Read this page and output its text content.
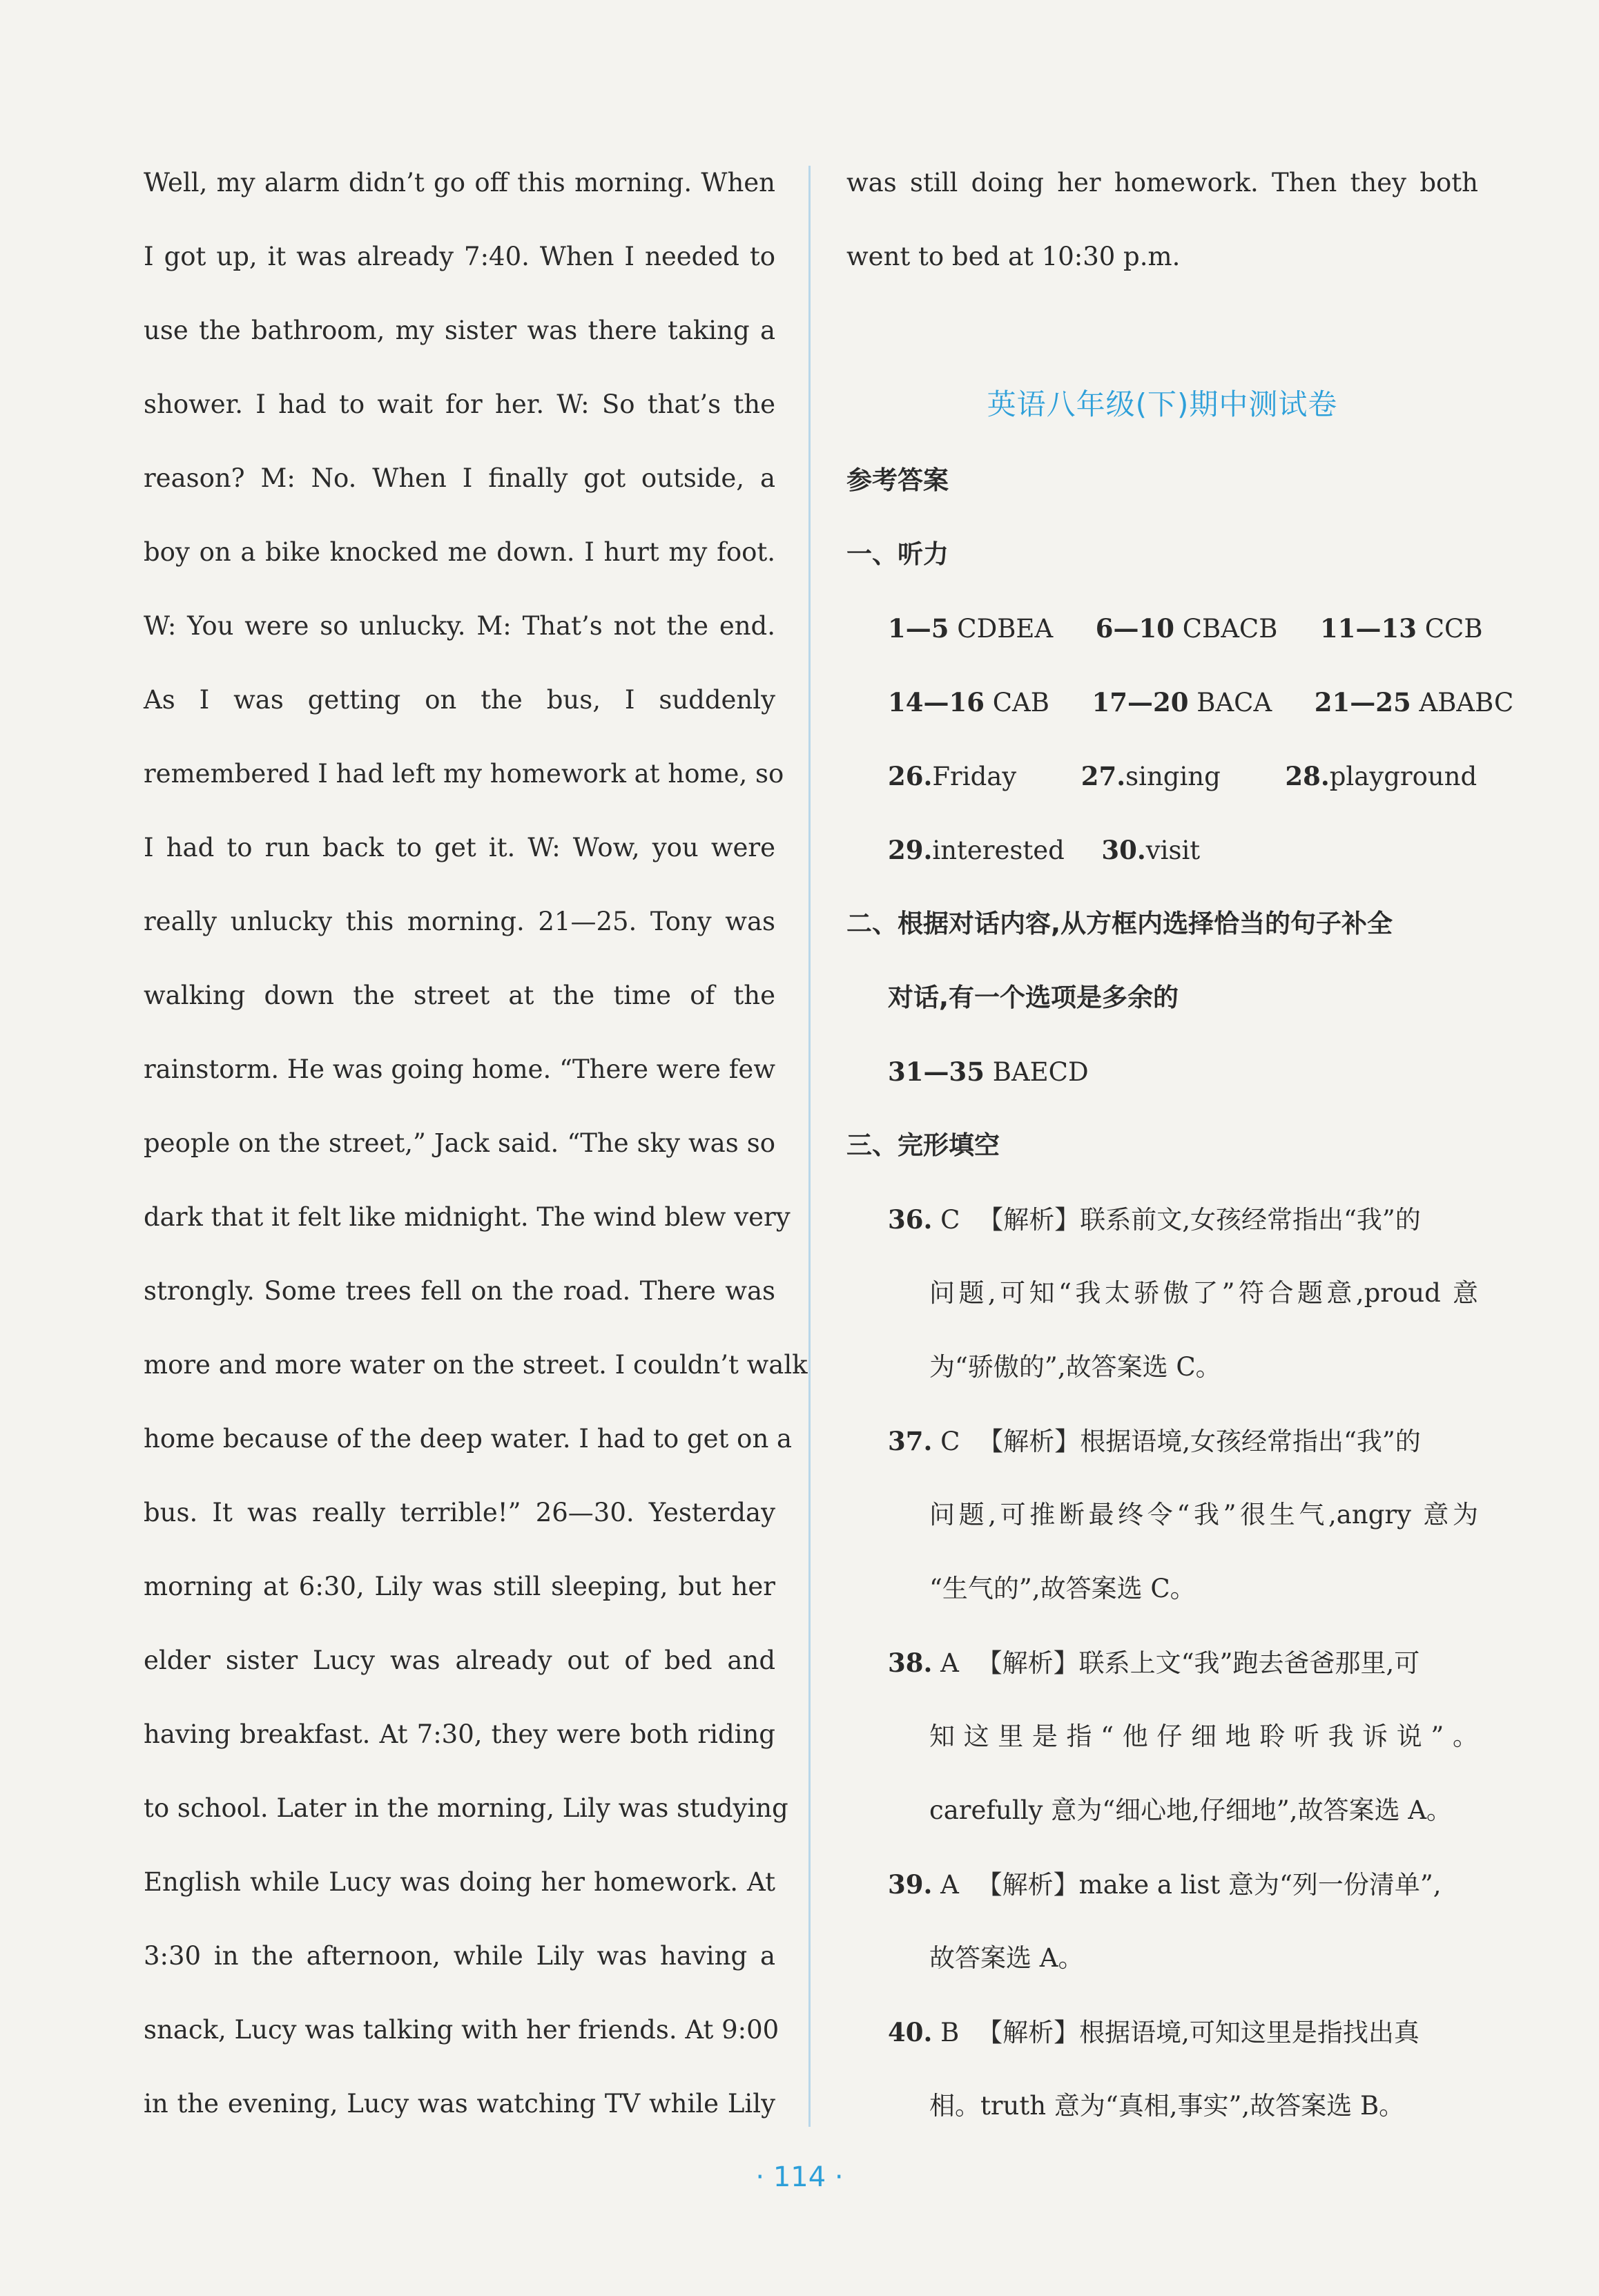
Well, my alarm didn’t go off this morning. When
I got up, it was already 7:40. When I needed to
use the bathroom, my sister was there taking a
shower. I had to wait for her. W: So that’s the
reason? M: No. When I finally got outside, a
boy on a bike knocked me down. I hurt my foot.
W: You were so unlucky. M: That’s not the end.
As I was getting on the bus, I suddenly
remembered I had left my homework at home, so
I had to run back to get it. W: Wow, you were
really unlucky this morning. 21—25. Tony was
walking down the street at the time of the
rainstorm. He was going home. “There were few
people on the street,” Jack said. “The sky was so
dark that it felt like midnight. The wind blew very
strongly. Some trees fell on the road. There was
more and more water on the street. I couldn’t walk
home because of the deep water. I had to get on a
bus. It was really terrible!” 26—30. Yesterday
morning at 6:30, Lily was still sleeping, but her
elder sister Lucy was already out of bed and
having breakfast. At 7:30, they were both riding
to school. Later in the morning, Lily was studying
English while Lucy was doing her homework. At
3:30 in the afternoon, while Lily was having a
snack, Lucy was talking with her friends. At 9:00
in the evening, Lucy was watching TV while Lily
was still doing her homework. Then they both
went to bed at 10:30 p.m.
英语八年级(下)期中测试卷
参考答案
一、听力
1—5 CDBEA 6—10 CBACB 11—13 CCB
14—16 CAB 17—20 BACA 21—25 ABABC
26.Friday	27.singing	28.playground
29.interested 30.visit
二、根据对话内容,从方框内选择恰当的句子补全
对话,有一个选项是多余的
31—35 BAECD
三、完形填空
36. C 【解析】联系前文,女孩经常指出“我”的
问题,可知“我太骄傲了”符合题意,proud 意
为“骄傲的”,故答案选 C。
37. C 【解析】根据语境,女孩经常指出“我”的
问题,可推断最终令“我”很生气,angry 意为
“生气的”,故答案选 C。
38. A 【解析】联系上文“我”跑去爸爸那里,可
知这里是指“他仔细地聆听我诉说”。
carefully 意为“细心地,仔细地”,故答案选 A。
39. A 【解析】make a list 意为“列一份清单”,
故答案选 A。
40. B 【解析】根据语境,可知这里是指找出真
相。truth 意为“真相,事实”,故答案选 B。
· 114 ·
